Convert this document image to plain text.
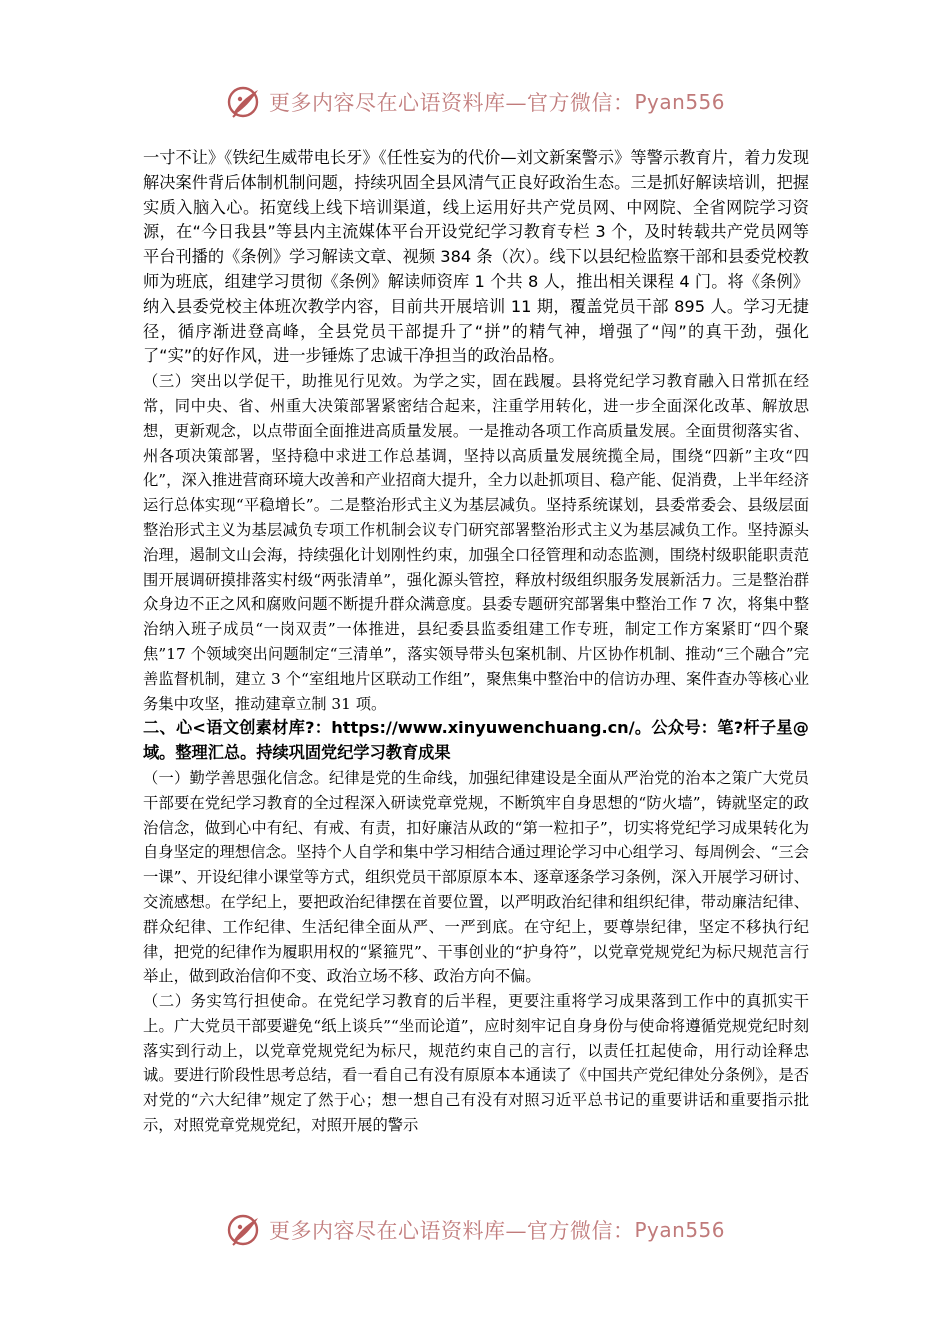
更多内容尽在心语资料库—官方微信： Pyan556

一寸不让》《铁纪生威带电长牙》《任性妄为的代价—刘文新案警示》等警示教育片，着力发现解决案件背后体制机制问题，持续巩固全县风清气正良好政治生态。三是抓好解读培训，把握实质入脑入心。拓宽线上线下培训渠道，线上运用好共产党员网、中网院、全省网院学习资源，在“今日我县”等县内主流媒体平台开设党纪学习教育专栏 3 个，及时转载共产党员网等平台刊播的《条例》学习解读文章、视频 384 条（次）。线下以县纪检监察干部和县委党校教师为班底，组建学习贯彻《条例》解读师资库 1 个共 8 人，推出相关课程 4 门。将《条例》纳入县委党校主体班次教学内容，目前共开展培训 11 期，覆盖党员干部 895 人。学习无捷径，循序渐进登高峰，全县党员干部提升了“拼”的精气神，增强了“闯”的真干劲，强化了“实”的好作风，进一步锤炼了忠诚干净担当的政治品格。

（三）突出以学促干，助推见行见效。为学之实，固在践履。县将党纪学习教育融入日常抓在经常，同中央、省、州重大决策部署紧密结合起来，注重学用转化，进一步全面深化改革、解放思想，更新观念，以点带面全面推进高质量发展。一是推动各项工作高质量发展。全面贯彻落实省、州各项决策部署，坚持稳中求进工作总基调，坚持以高质量发展统揽全局，围绕“四新”主攻“四化”，深入推进营商环境大改善和产业招商大提升，全力以赴抓项目、稳产能、促消费，上半年经济运行总体实现“平稳增长”。二是整治形式主义为基层减负。坚持系统谋划，县委常委会、县级层面整治形式主义为基层减负专项工作机制会议专门研究部署整治形式主义为基层减负工作。坚持源头治理，遏制文山会海，持续强化计划刚性约束，加强全口径管理和动态监测，围绕村级职能职责范围开展调研摸排落实村级“两张清单”，强化源头管控，释放村级组织服务发展新活力。三是整治群众身边不正之风和腐败问题不断提升群众满意度。县委专题研究部署集中整治工作 7 次，将集中整治纳入班子成员“一岗双责”一体推进，县纪委县监委组建工作专班，制定工作方案紧盯“四个聚焦”17 个领域突出问题制定“三清单”，落实领导带头包案机制、片区协作机制、推动“三个融合”完善监督机制，建立 3 个“室组地片区联动工作组”，聚焦集中整治中的信访办理、案件查办等核心业务集中攻坚，推动建章立制 31 项。

二、心<语文创素材库?：https://www.xinyuwenchuang.cn/。公众号：笔?杆子星@域。整理汇总。持续巩固党纪学习教育成果

（一）勤学善思强化信念。纪律是党的生命线，加强纪律建设是全面从严治党的治本之策广大党员干部要在党纪学习教育的全过程深入研读党章党规，不断筑牢自身思想的“防火墙”，铸就坚定的政治信念，做到心中有纪、有戒、有责，扣好廉洁从政的“第一粒扣子”，切实将党纪学习成果转化为自身坚定的理想信念。坚持个人自学和集中学习相结合通过理论学习中心组学习、每周例会、“三会一课”、开设纪律小课堂等方式，组织党员干部原原本本、逐章逐条学习条例，深入开展学习研讨、交流感想。在学纪上，要把政治纪律摆在首要位置，以严明政治纪律和组织纪律，带动廉洁纪律、群众纪律、工作纪律、生活纪律全面从严、一严到底。在守纪上，要尊崇纪律，坚定不移执行纪律，把党的纪律作为履职用权的“紧箍咒”、干事创业的“护身符”，以党章党规党纪为标尺规范言行举止，做到政治信仰不变、政治立场不移、政治方向不偏。

（二）务实笃行担使命。在党纪学习教育的后半程，更要注重将学习成果落到工作中的真抓实干上。广大党员干部要避免“纸上谈兵”“坐而论道”，应时刻牢记自身身份与使命将遵循党规党纪时刻落实到行动上，以党章党规党纪为标尺，规范约束自己的言行，以责任扛起使命，用行动诠释忠诚。要进行阶段性思考总结，看一看自己有没有原原本本通读了《中国共产党纪律处分条例》，是否对党的“六大纪律”规定了然于心；想一想自己有没有对照习近平总书记的重要讲话和重要指示批示，对照党章党规党纪，对照开展的警示

更多内容尽在心语资料库—官方微信： Pyan556
